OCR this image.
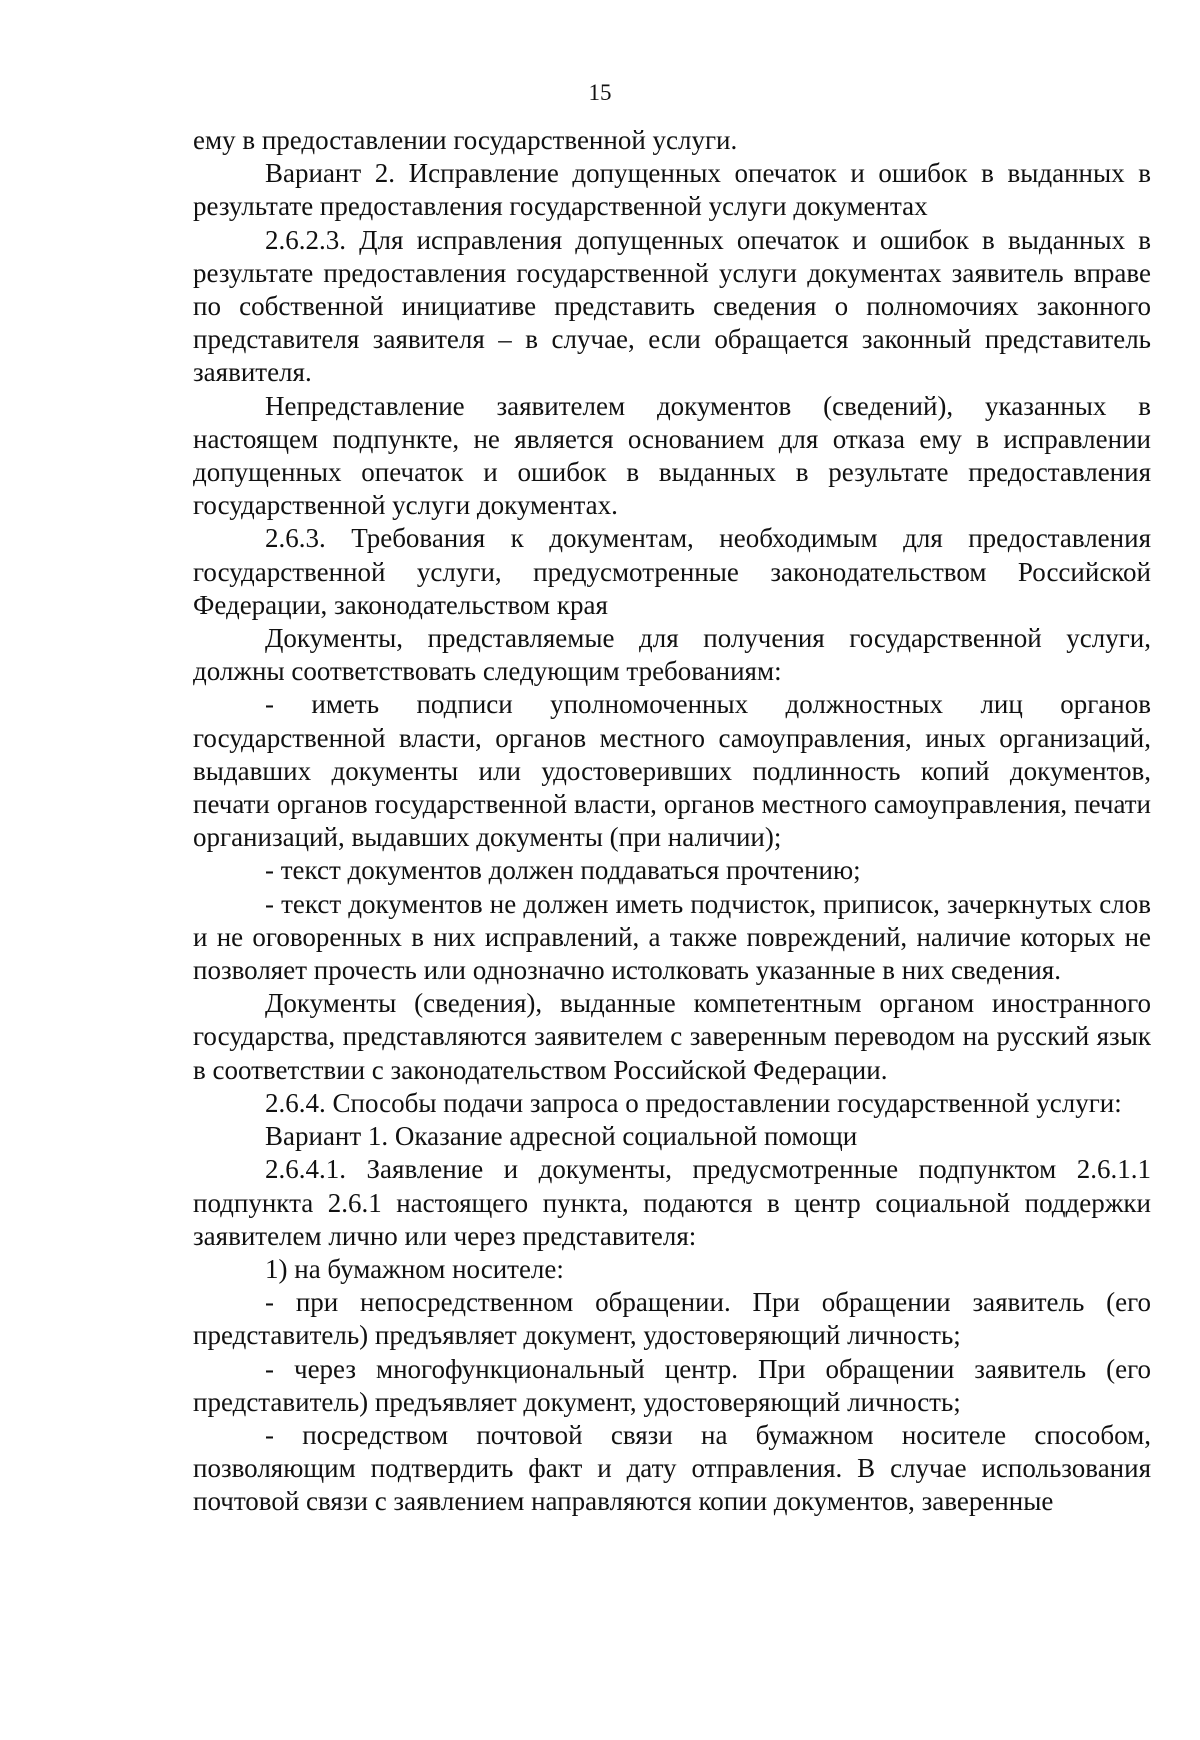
15

ему в предоставлении государственной услуги.

Вариант 2. Исправление допущенных опечаток и ошибок в выданных в результате предоставления государственной услуги документах

2.6.2.3. Для исправления допущенных опечаток и ошибок в выданных в результате предоставления государственной услуги документах заявитель вправе по собственной инициативе представить сведения о полномочиях законного представителя заявителя – в случае, если обращается законный представитель заявителя.

Непредставление заявителем документов (сведений), указанных в настоящем подпункте, не является основанием для отказа ему в исправлении допущенных опечаток и ошибок в выданных в результате предоставления государственной услуги документах.

2.6.3. Требования к документам, необходимым для предоставления государственной услуги, предусмотренные законодательством Российской Федерации, законодательством края

Документы, представляемые для получения государственной услуги, должны соответствовать следующим требованиям:

- иметь подписи уполномоченных должностных лиц органов государственной власти, органов местного самоуправления, иных организаций, выдавших документы или удостоверивших подлинность копий документов, печати органов государственной власти, органов местного самоуправления, печати организаций, выдавших документы (при наличии);

- текст документов должен поддаваться прочтению;

- текст документов не должен иметь подчисток, приписок, зачеркнутых слов и не оговоренных в них исправлений, а также повреждений, наличие которых не позволяет прочесть или однозначно истолковать указанные в них сведения.

Документы (сведения), выданные компетентным органом иностранного государства, представляются заявителем с заверенным переводом на русский язык в соответствии с законодательством Российской Федерации.

2.6.4. Способы подачи запроса о предоставлении государственной услуги:

Вариант 1. Оказание адресной социальной помощи

2.6.4.1. Заявление и документы, предусмотренные подпунктом 2.6.1.1 подпункта 2.6.1 настоящего пункта, подаются в центр социальной поддержки заявителем лично или через представителя:

1) на бумажном носителе:

- при непосредственном обращении. При обращении заявитель (его представитель) предъявляет документ, удостоверяющий личность;

- через многофункциональный центр. При обращении заявитель (его представитель) предъявляет документ, удостоверяющий личность;

- посредством почтовой связи на бумажном носителе способом, позволяющим подтвердить факт и дату отправления. В случае использования почтовой связи с заявлением направляются копии документов, заверенные
